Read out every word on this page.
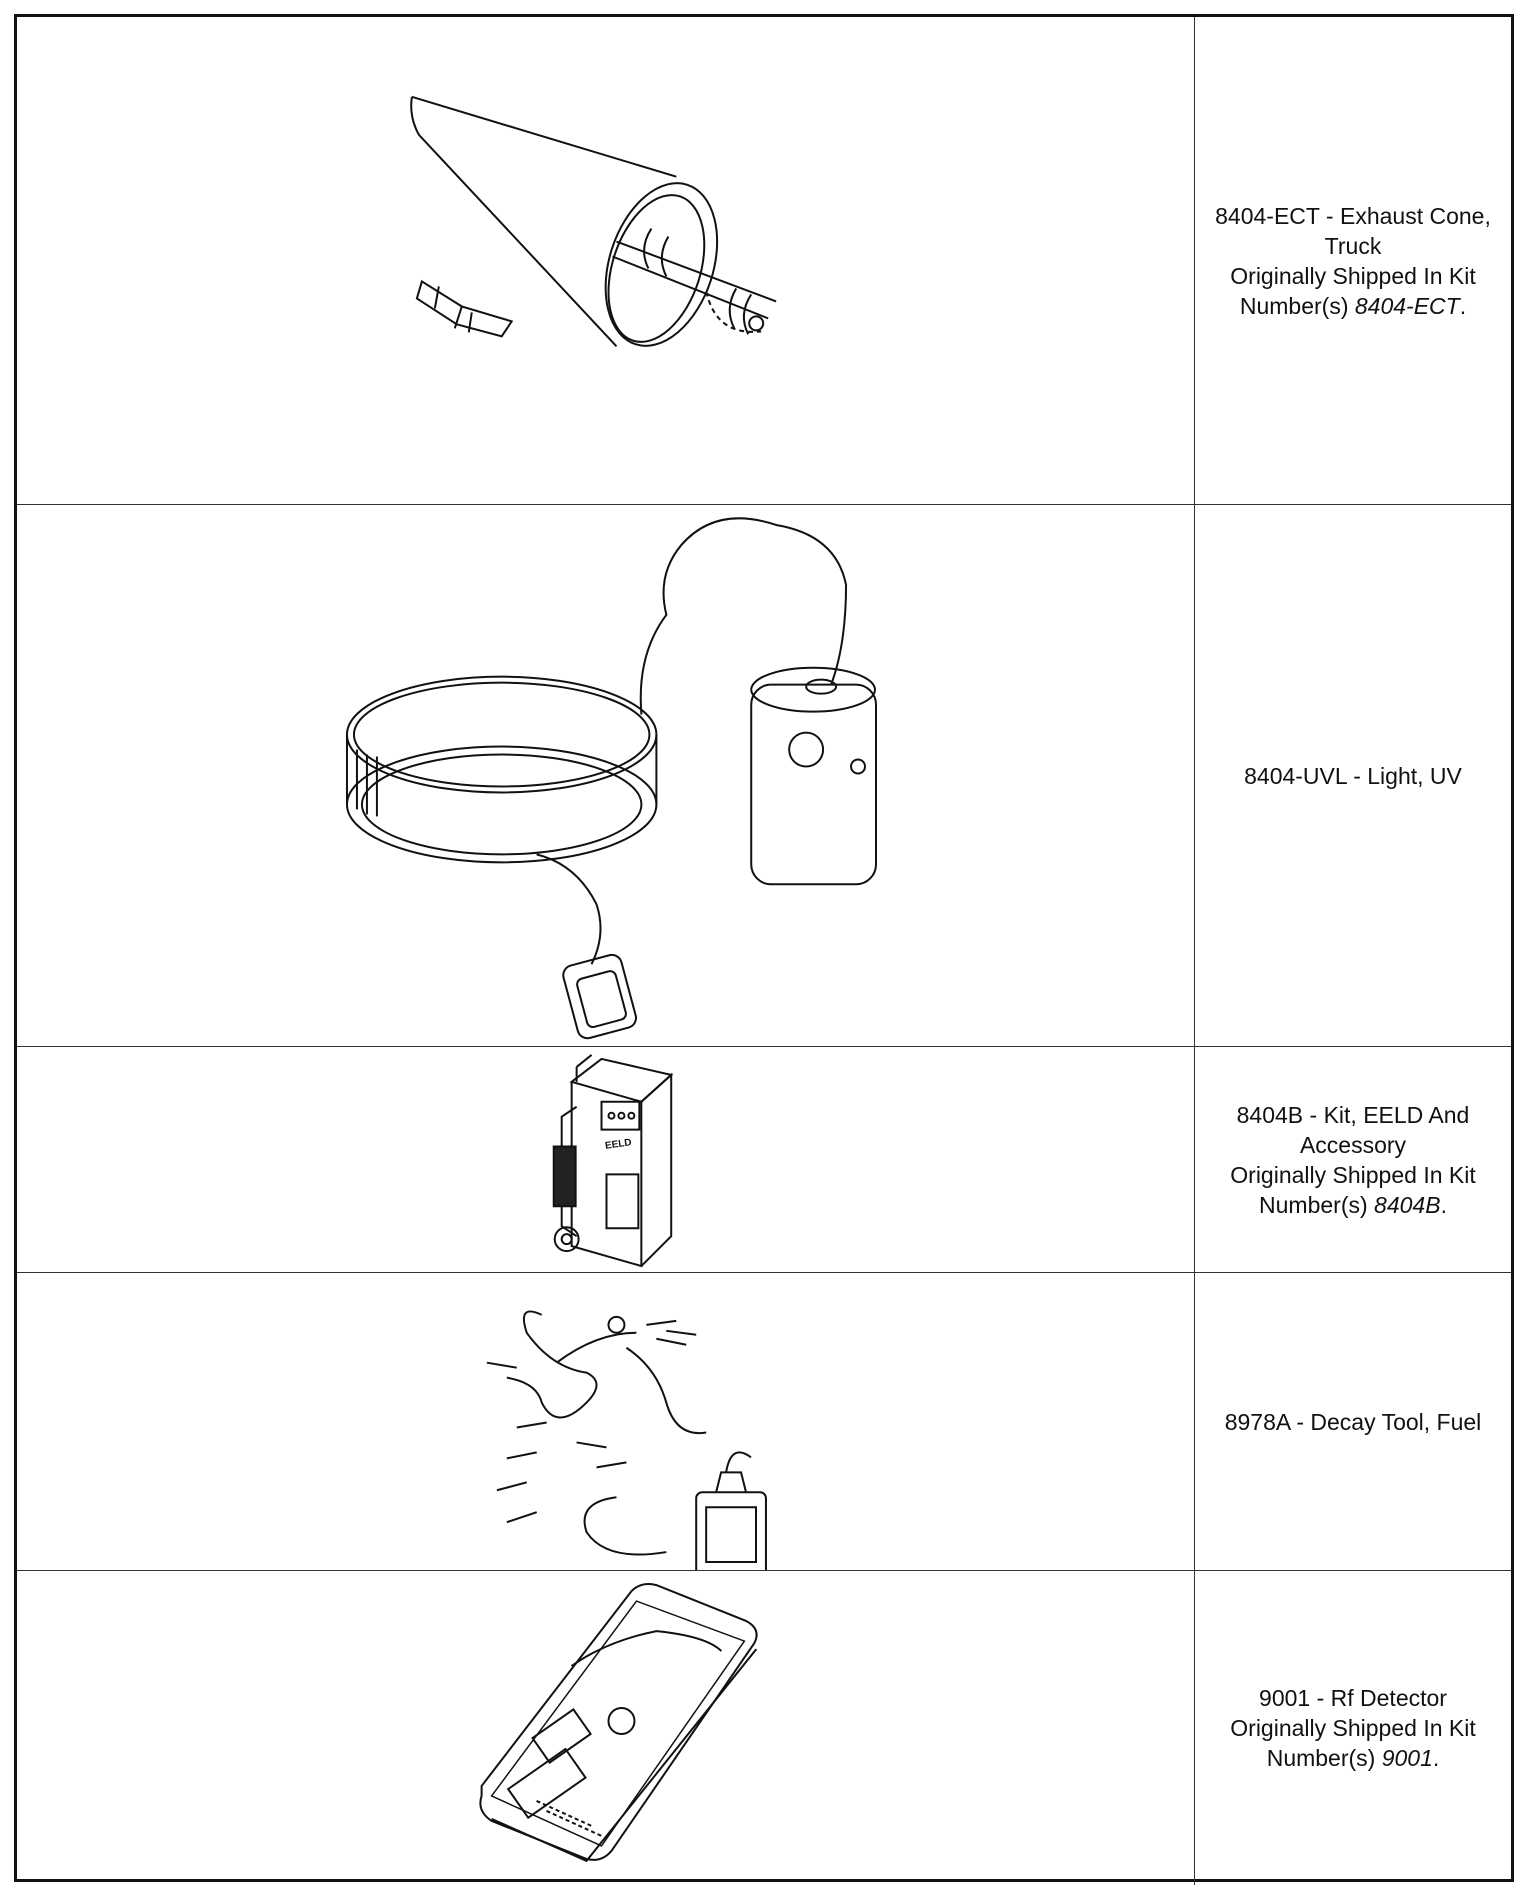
8404-ECT - Exhaust Cone, Truck
Originally Shipped In Kit Number(s) 8404-ECT.
8404-UVL - Light, UV
EELD
8404B - Kit, EELD And Accessory
Originally Shipped In Kit Number(s) 8404B.
8978A - Decay Tool, Fuel
9001 - Rf Detector
Originally Shipped In Kit Number(s) 9001.
